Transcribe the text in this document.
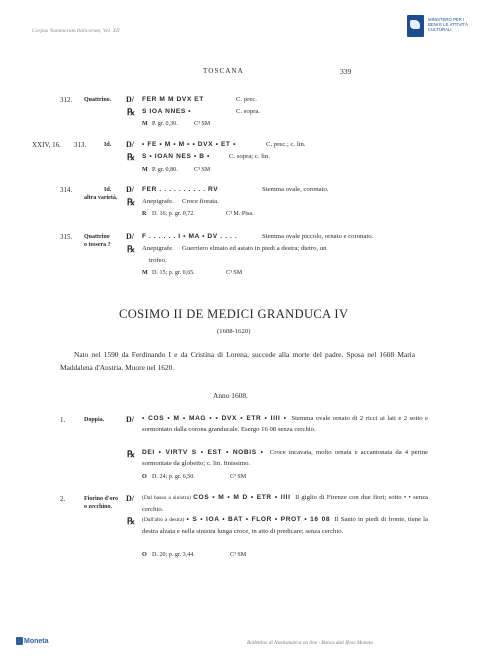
Corpus Nummorum Italicorum, Vol. XII
MINISTERO PER I BENI E LE ATTIVITÀ CULTURALI
TOSCANA	339
312. Quattrino. D/ FER M M DVX ET	C. prec.
℞ S IOA NNES •	C. sopra.
M P. gr. 0,30.	C³ SM
XXIV, 16. 313.	Id. D/ • FE • M • M • • DVX • ET •	C. prec.; c. lin.
℞ S • IOAN NES • B •	C. sopra; c. lin.
M P. gr. 0,80.	C³ SM
314.	Id.
altra varietà.
D/ FER . . . . . . . . . . RV	Stemma ovale, coronato.
℞ Anepigrafe. Croce fiorata.
R D. 16; p. gr. 0,72.	C³ M. Pisa.
315. Quattrino
o tessera ?
D/ F . . . . . . I • MA • DV . . . .	Stemma ovale piccolo, ornato e coronato.
℞ Anepigrafe. Guerriero elmato ed astato in piedi a destra; dietro, un
trofeo.
M D. 15; p. gr. 0,65.	C³ SM
COSIMO II DE MEDICI GRANDUCA IV
(1608-1620)
Nato nel 1590 da Ferdinando I e da Cristina di Lorena, succede alla morte del padre. Sposa nel 1608 Maria Maddalena d'Austria. Muore nel 1620.
Anno 1608.
1.	Doppia.	D/ • COS • M • MAG • • DVX • ETR • IIII • Stemma ovale ornato di 2 ricci ai lati e 2 sotto e sormontato dalla corona granducale. Esergo 16 08 senza cerchio.
℞ DEI • VIRTV S • EST • NOBIS • Croce incavata, molto ornata e accantonata da 4 perine sormontate da globetto; c. lin. finissimo.
O D. 24; p. gr. 6,50.	C³ SM
2.	Fiorino d'oro
o zecchino.
D/ (Dal basso a sinistra) COS • M • M D • ETR • IIII Il giglio di Firenze con due fiori; sotto • • senza cerchio.
℞ (Dall'alto a destra) • S • IOA • BAT • FLOR • PROT • 16 08 Il Santo in piedi di fronte, tiene la destra alzata e nella sinistra lunga croce, in atto di predicare; senza cerchio.
O D. 20; p. gr. 3,44.	C³ SM
Moneta	Bollettino di Numismatica on line - Banca dati Ifoso Moneta
